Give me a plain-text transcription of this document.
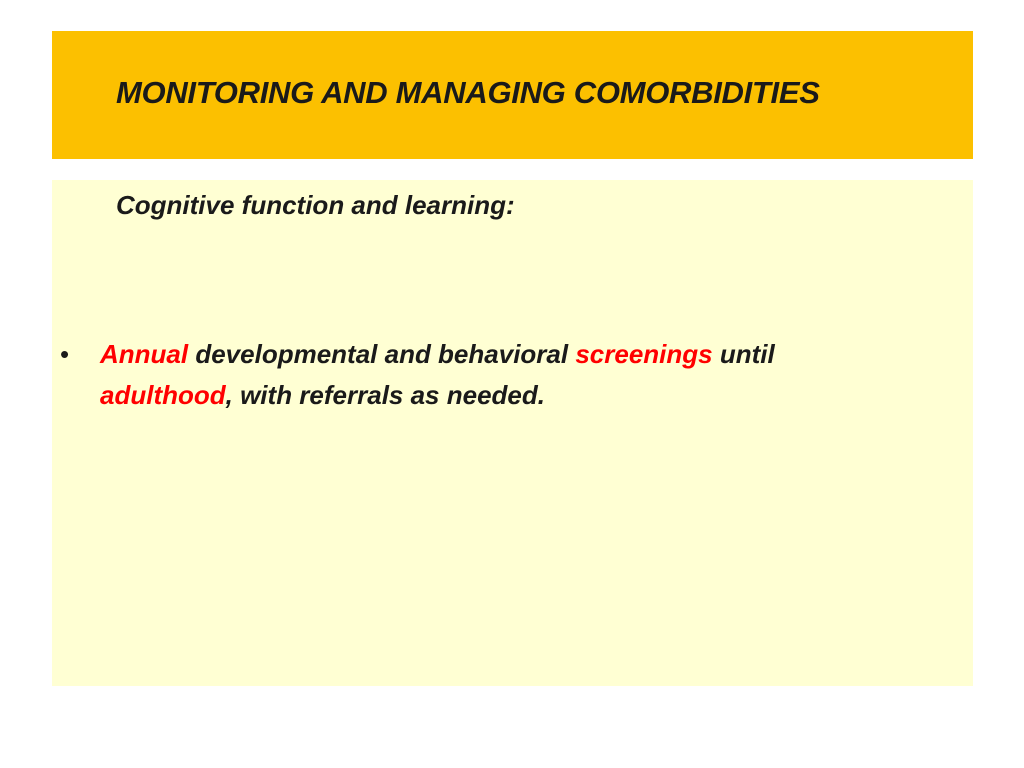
MONITORING AND MANAGING COMORBIDITIES
Cognitive function and learning:
• Annual developmental and behavioral screenings until
adulthood, with referrals as needed.
